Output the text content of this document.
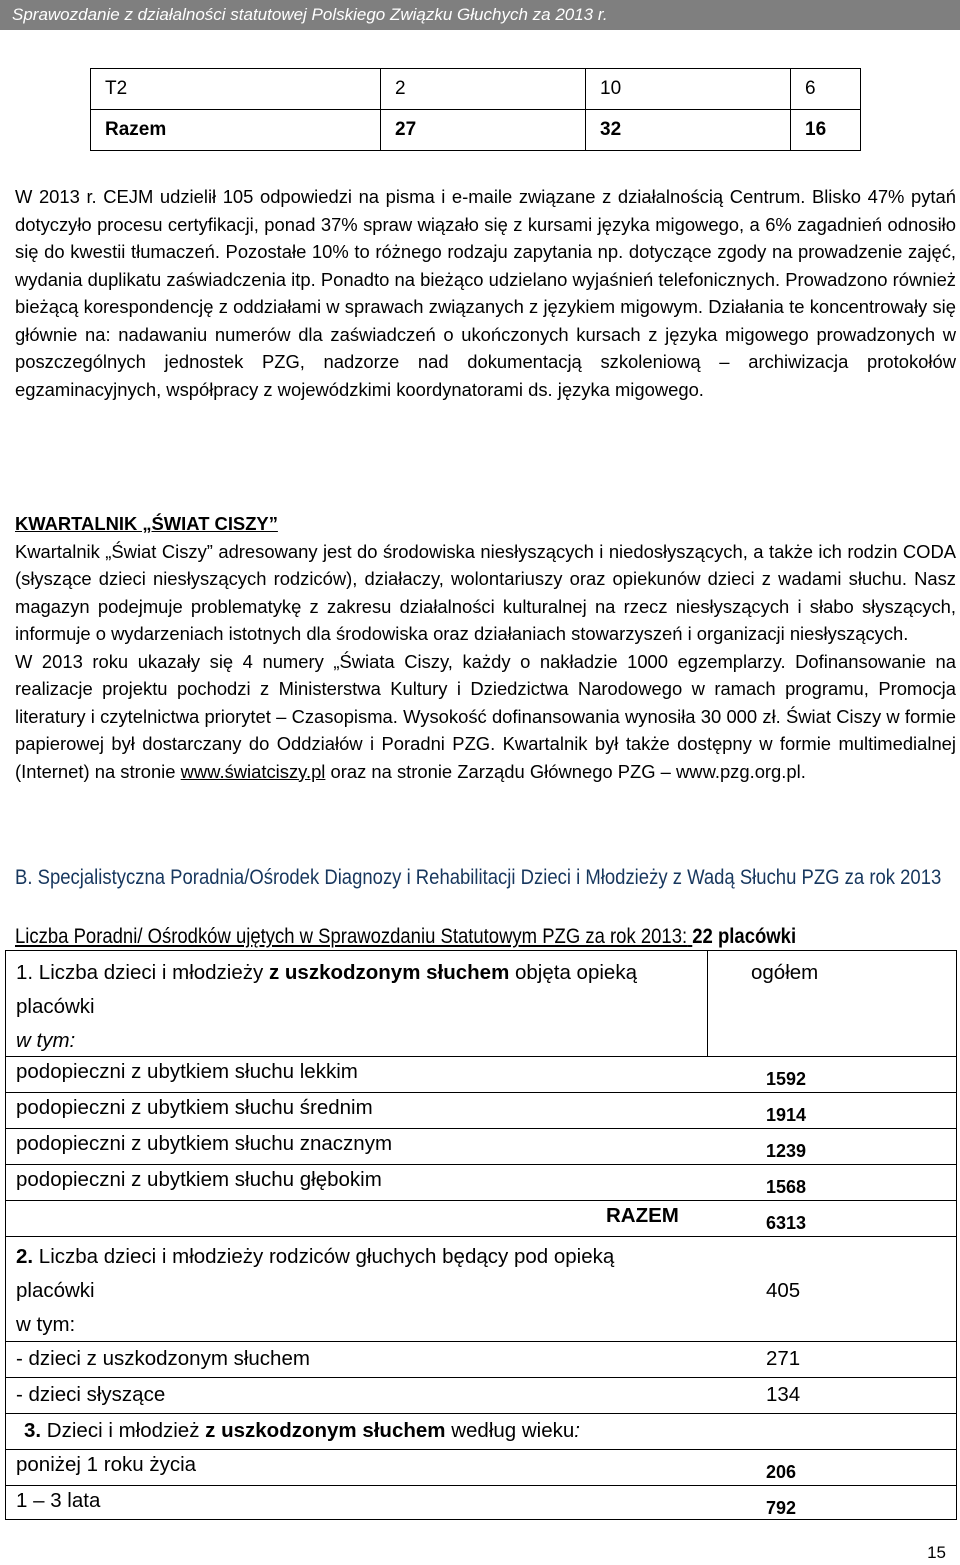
Sprawozdanie z działalności statutowej Polskiego Związku Głuchych za 2013 r.
T2	2	10	6
Razem	27	32	16

W 2013 r. CEJM udzielił 105 odpowiedzi na pisma i e-maile związane z działalnością Centrum. Blisko 47% pytań dotyczyło procesu certyfikacji, ponad 37% spraw wiązało się z kursami języka migowego, a 6% zagadnień odnosiło się do kwestii tłumaczeń. Pozostałe 10% to różnego rodzaju zapytania np. dotyczące zgody na prowadzenie zajęć, wydania duplikatu zaświadczenia itp. Ponadto na bieżąco udzielano wyjaśnień telefonicznych. Prowadzono również bieżącą korespondencję z oddziałami w sprawach związanych z językiem migowym. Działania te koncentrowały się głównie na: nadawaniu numerów dla zaświadczeń o ukończonych kursach z języka migowego prowadzonych w poszczególnych jednostek PZG, nadzorze nad dokumentacją szkoleniową – archiwizacja protokołów egzaminacyjnych, współpracy z wojewódzkimi koordynatorami ds. języka migowego.

KWARTALNIK „ŚWIAT CISZY”
Kwartalnik „Świat Ciszy” adresowany jest do środowiska niesłyszących i niedosłyszących, a także ich rodzin CODA (słyszące dzieci niesłyszących rodziców), działaczy, wolontariuszy oraz opiekunów dzieci z wadami słuchu. Nasz magazyn podejmuje problematykę z zakresu działalności kulturalnej na rzecz niesłyszących i słabo słyszących, informuje o wydarzeniach istotnych dla środowiska oraz działaniach stowarzyszeń i organizacji niesłyszących.
W 2013 roku ukazały się 4 numery „Świata Ciszy, każdy o nakładzie 1000 egzemplarzy. Dofinansowanie na realizacje projektu pochodzi z Ministerstwa Kultury i Dziedzictwa Narodowego w ramach programu, Promocja literatury i czytelnictwa priorytet – Czasopisma. Wysokość dofinansowania wynosiła 30 000 zł. Świat Ciszy w formie papierowej był dostarczany do Oddziałów i Poradni PZG. Kwartalnik był także dostępny w formie multimedialnej (Internet) na stronie www.światciszy.pl oraz na stronie Zarządu Głównego PZG – www.pzg.org.pl.
B. Specjalistyczna Poradnia/Ośrodek Diagnozy i Rehabilitacji Dzieci i Młodzieży z Wadą Słuchu PZG za rok 2013
Liczba Poradni/ Ośrodków ujętych w Sprawozdaniu Statutowym PZG za rok 2013: 22 placówki
1. Liczba dzieci i młodzieży z uszkodzonym słuchem objęta opieką
placówki
w tym:
ogółem
podopieczni z ubytkiem słuchu lekkim	1592
podopieczni z ubytkiem słuchu średnim	1914
podopieczni z ubytkiem słuchu znacznym	1239
podopieczni z ubytkiem słuchu głębokim	1568
RAZEM	6313
2. Liczba dzieci i młodzieży rodziców głuchych będący pod opieką
placówki
w tym:
405
- dzieci z uszkodzonym słuchem	271
- dzieci słyszące	134
3. Dzieci i młodzież z uszkodzonym słuchem według wieku:
poniżej 1 roku życia	206
1 – 3 lata	792
15
